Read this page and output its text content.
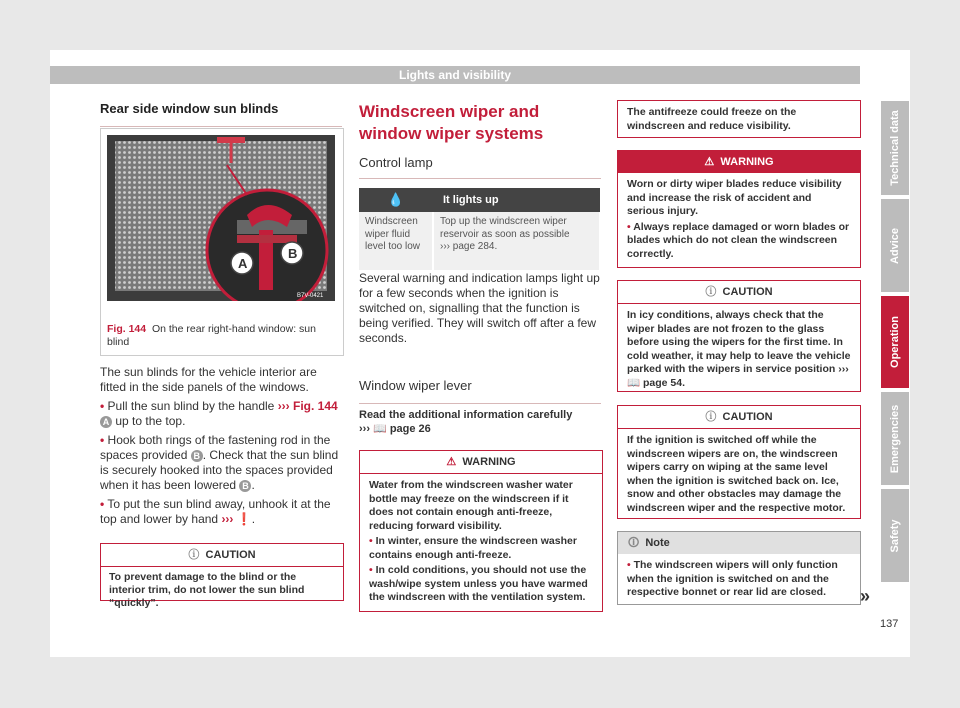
Lights and visibility
Rear side window sun blinds
A
B
B7V-0421
Fig. 144 On the rear right-hand window: sun blind
The sun blinds for the vehicle interior are fitted in the side panels of the windows.
• Pull the sun blind by the handle ››› Fig. 144 A up to the top.
• Hook both rings of the fastening rod in the spaces provided B . Check that the sun blind is securely hooked into the spaces provided when it has been lowered B .
• To put the sun blind away, unhook it at the top and lower by hand ››› ❗.
ⓘ CAUTION
To prevent damage to the blind or the interior trim, do not lower the sun blind “quickly”.
Windscreen wiper and window wiper systems
Control lamp
💧	It lights up
Windscreen wiper fluid level too low	Top up the windscreen wiper reservoir as soon as possible
››› page 284.
Several warning and indication lamps light up for a few seconds when the ignition is switched on, signalling that the function is being verified. They will switch off after a few seconds.
Window wiper lever
Read the additional information carefully
››› 📖 page 26
⚠ WARNING
Water from the windscreen washer water bottle may freeze on the windscreen if it does not contain enough anti-freeze, reducing forward visibility.
• In winter, ensure the windscreen washer contains enough anti-freeze.
• In cold conditions, you should not use the wash/wipe system unless you have warmed the windscreen with the ventilation system.
The antifreeze could freeze on the windscreen and reduce visibility.
⚠ WARNING
Worn or dirty wiper blades reduce visibility and increase the risk of accident and serious injury.
• Always replace damaged or worn blades or blades which do not clean the windscreen correctly.
ⓘ CAUTION
In icy conditions, always check that the wiper blades are not frozen to the glass before using the wipers for the first time. In cold weather, it may help to leave the vehicle parked with the wipers in service position ››› 📖 page 54.
ⓘ CAUTION
If the ignition is switched off while the windscreen wipers are on, the windscreen wipers carry on wiping at the same level when the ignition is switched back on. Ice, snow and other obstacles may damage the windscreen wiper and the respective motor.
🛈 Note
• The windscreen wipers will only function when the ignition is switched on and the respective bonnet or rear lid are closed.	»
Technical data
Advice
Operation
Emergencies
Safety
137
